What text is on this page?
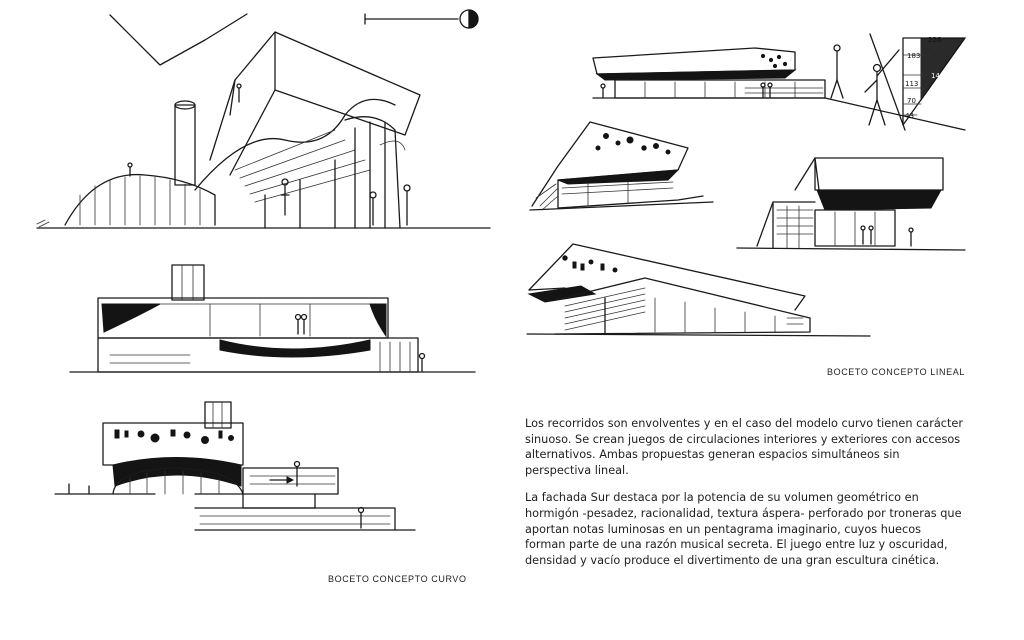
BOCETO CONCEPTO CURVO
226
183
140
113
70
43
BOCETO CONCEPTO LINEAL

Los recorridos son envolventes y en el caso del modelo curvo tienen carácter sinuoso. Se crean juegos de circulaciones interiores y exteriores con accesos alternativos. Ambas propuestas generan espacios simultáneos sin perspectiva lineal.

La fachada Sur destaca por la potencia de su volumen geométrico en hormigón -pesadez, racionalidad, textura áspera- perforado por troneras que aportan notas luminosas en un pentagrama imaginario, cuyos huecos forman parte de una razón musical secreta. El juego entre luz y oscuridad, densidad y vacío produce el divertimento de una gran escultura cinética.
